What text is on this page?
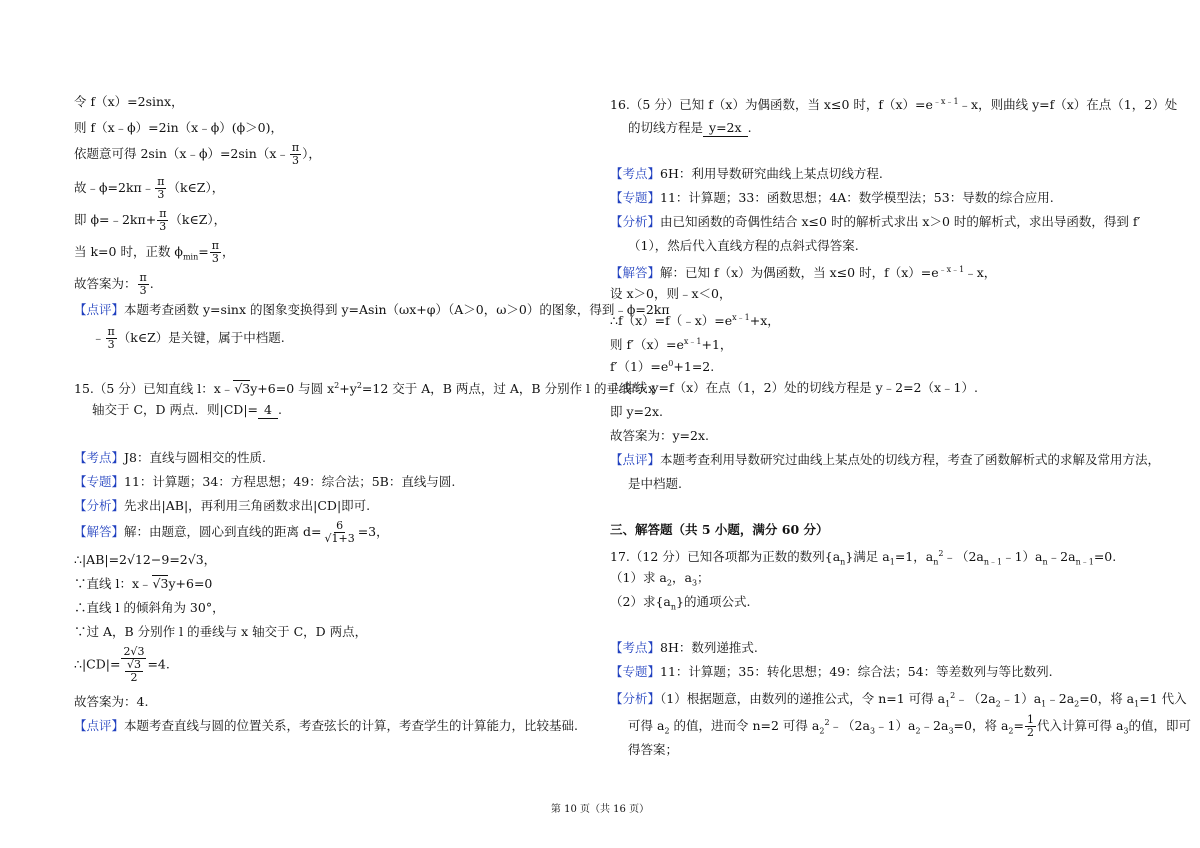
令 f（x）=2sinx，
则 f（x﹣ϕ）=2in（x﹣ϕ）(ϕ＞0)，
依题意可得 2sin（x﹣ϕ）=2sin（x﹣ $\frac{\pi}{3}$ ），
故﹣ϕ=2kπ﹣ $\frac{\pi}{3}$ （k∈Z），
即 ϕ=﹣2kπ+ $\frac{\pi}{3}$ （k∈Z），
当 k=0 时，正数 $\phi_{min}= \frac{\pi}{3}$ ，
故答案为： $\frac{\pi}{3}$ .
【点评】本题考查函数 y=sinx 的图象变换得到 y=Asin（ωx+φ）（A＞0，ω＞0）的图象，得到﹣ϕ=2kπ
﹣ $\frac{\pi}{3}$ （k∈Z）是关键，属于中档题.
15.（5 分）已知直线 l：x﹣√3y+6=0 与圆 $x^2+y^2=12$ 交于 A，B 两点，过 A，B 分别作 l 的垂线与 x
轴交于 C，D 两点．则|CD|= 4 .
【考点】J8：直线与圆相交的性质.
【专题】11：计算题；34：方程思想；49：综合法；5B：直线与圆.
【分析】先求出|AB|，再利用三角函数求出|CD|即可.
【解答】解：由题意，圆心到直线的距离 $d= \frac{6}{√1+3} =3$，
∴|AB|=2√12−9=2√3，
∵直线 l：x﹣√3y+6=0
∴直线 l 的倾斜角为 30°，
∵过 A，B 分别作 l 的垂线与 x 轴交于 C，D 两点，
∴|CD|= $\frac{2√3}{\frac{√3}{2}} =4$.
故答案为：4.
【点评】本题考查直线与圆的位置关系，考查弦长的计算，考查学生的计算能力，比较基础.
16.（5 分）已知 f（x）为偶函数，当 x≤0 时，$f(x)=e^{﹣x﹣1}﹣x$，则曲线 y=f（x）在点（1，2）处
的切线方程是 y=2x .
【考点】6H：利用导数研究曲线上某点切线方程.
【专题】11：计算题；33：函数思想；4A：数学模型法；53：导数的综合应用.
【分析】由已知函数的奇偶性结合 x≤0 时的解析式求出 x＞0 时的解析式，求出导函数，得到 f′
（1），然后代入直线方程的点斜式得答案.
【解答】解：已知 f（x）为偶函数，当 x≤0 时，$f(x)=e^{﹣x﹣1}﹣x$，
设 x＞0，则﹣x＜0，
$\therefore f(x)=f(﹣x)=e^{x﹣1}+x$，
则 $f'(x)=e^{x﹣1}+1$，
$f'(1)=e^0+1=2$.
∴曲线 y=f（x）在点（1，2）处的切线方程是 y﹣2=2（x﹣1）.
即 y=2x.
故答案为：y=2x.
【点评】本题考查利用导数研究过曲线上某点处的切线方程，考查了函数解析式的求解及常用方法，
是中档题.
三、解答题（共 5 小题，满分 60 分）
17.（12 分）已知各项都为正数的数列$\{a_n\}$满足 $a_1=1$，$a_n^2﹣(2a_{n﹣1}﹣1)a_n﹣2a_{n﹣1}=0$.
（1）求 $a_2$，$a_3$；
（2）求$\{a_n\}$的通项公式.
【考点】8H：数列递推式.
【专题】11：计算题；35：转化思想；49：综合法；54：等差数列与等比数列.
【分析】（1）根据题意，由数列的递推公式，令 n=1 可得 $a_1^2﹣(2a_2﹣1)a_1﹣2a_2=0$，将 $a_1=1$ 代入
可得 $a_2$ 的值，进而令 n=2 可得 $a_2^2﹣(2a_3﹣1)a_2﹣2a_3=0$，将 $a_2= \frac{1}{2}$ 代入计算可得 $a_3$的值，即可
得答案；
第 10 页（共 16 页）
